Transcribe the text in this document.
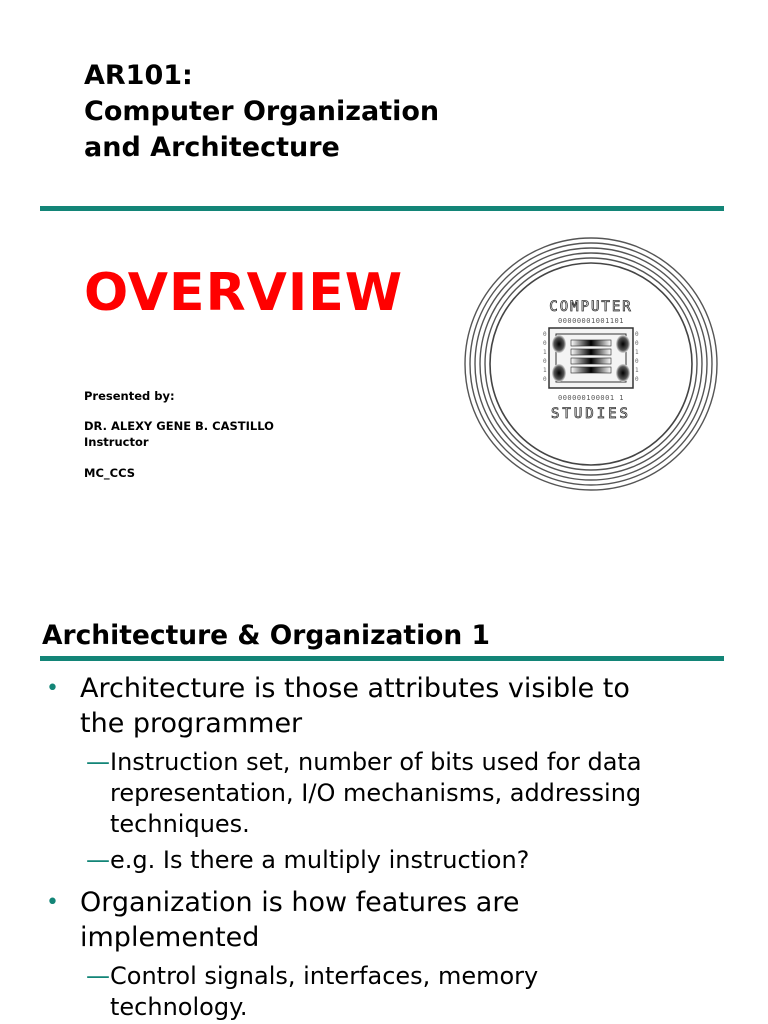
AR101:
Computer Organization
and Architecture
OVERVIEW
Presented by:
DR. ALEXY GENE B. CASTILLO
Instructor
MC_CCS
COMPUTER
00000001001101
0
0
1
0
1
0
0
0
1
0
1
0
000000100001 1
STUDIES
Architecture & Organization 1
• Architecture is those attributes visible to
the programmer
— Instruction set, number of bits used for data
representation, I/O mechanisms, addressing
techniques.
— e.g. Is there a multiply instruction?
• Organization is how features are
implemented
— Control signals, interfaces, memory
technology.
